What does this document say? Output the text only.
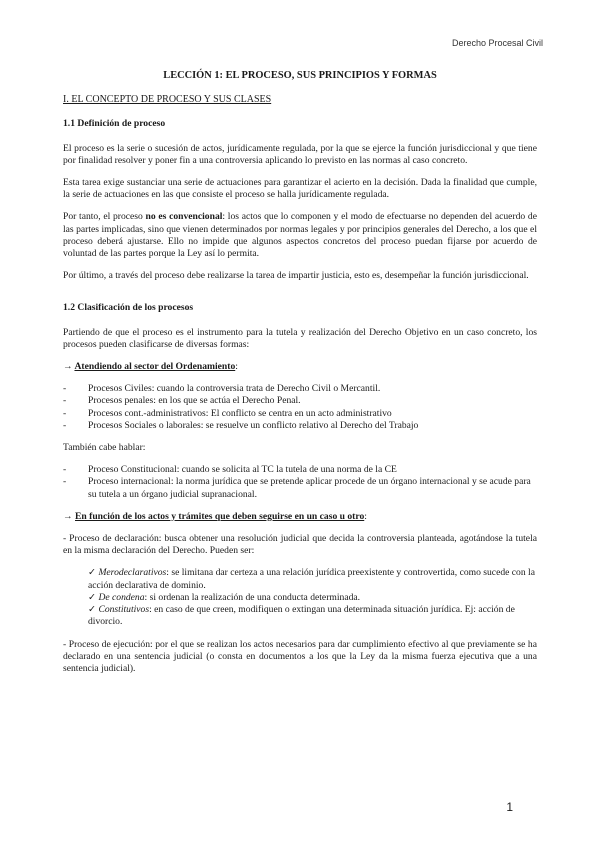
Derecho Procesal Civil
LECCIÓN 1: EL PROCESO, SUS PRINCIPIOS Y FORMAS
I. EL CONCEPTO DE PROCESO Y SUS CLASES
1.1 Definición de proceso

El proceso es la serie o sucesión de actos, jurídicamente regulada, por la que se ejerce la función jurisdiccional y que tiene por finalidad resolver y poner fin a una controversia aplicando lo previsto en las normas al caso concreto.

Esta tarea exige sustanciar una serie de actuaciones para garantizar el acierto en la decisión. Dada la finalidad que cumple, la serie de actuaciones en las que consiste el proceso se halla jurídicamente regulada.

Por tanto, el proceso no es convencional: los actos que lo componen y el modo de efectuarse no dependen del acuerdo de las partes implicadas, sino que vienen determinados por normas legales y por principios generales del Derecho, a los que el proceso deberá ajustarse. Ello no impide que algunos aspectos concretos del proceso puedan fijarse por acuerdo de voluntad de las partes porque la Ley así lo permita.

Por último, a través del proceso debe realizarse la tarea de impartir justicia, esto es, desempeñar la función jurisdiccional.

1.2 Clasificación de los procesos

Partiendo de que el proceso es el instrumento para la tutela y realización del Derecho Objetivo en un caso concreto, los procesos pueden clasificarse de diversas formas:

→ Atendiendo al sector del Ordenamiento:
- Procesos Civiles: cuando la controversia trata de Derecho Civil o Mercantil.
- Procesos penales: en los que se actúa el Derecho Penal.
- Procesos cont.-administrativos: El conflicto se centra en un acto administrativo
- Procesos Sociales o laborales: se resuelve un conflicto relativo al Derecho del Trabajo

También cabe hablar:

- Proceso Constitucional: cuando se solicita al TC la tutela de una norma de la CE
- Proceso internacional: la norma jurídica que se pretende aplicar procede de un órgano internacional y se acude para su tutela a un órgano judicial supranacional.
→ En función de los actos y trámites que deben seguirse en un caso u otro:

- Proceso de declaración: busca obtener una resolución judicial que decida la controversia planteada, agotándose la tutela en la misma declaración del Derecho. Pueden ser:

✓ Merodeclarativos: se limitana dar certeza a una relación jurídica preexistente y controvertida, como sucede con la acción declarativa de dominio.
✓ De condena: si ordenan la realización de una conducta determinada.
✓ Constitutivos: en caso de que creen, modifiquen o extingan una determinada situación jurídica. Ej: acción de divorcio.

- Proceso de ejecución: por el que se realizan los actos necesarios para dar cumplimiento efectivo al que previamente se ha declarado en una sentencia judicial (o consta en documentos a los que la Ley da la misma fuerza ejecutiva que a una sentencia judicial).

1
